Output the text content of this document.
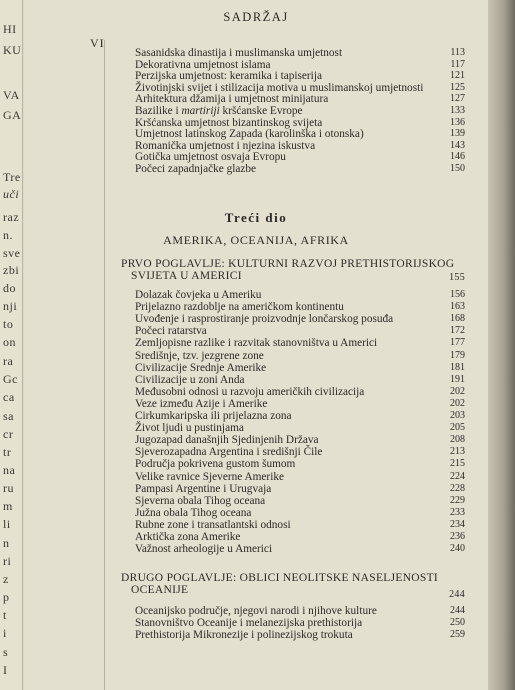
HI
KU
VA
GA
Tre
uči
raz
n.
sve
zbi
do
nji
to
on
ra
Gc
ca
sa
cr
tr
na
ru
m
li
n
ri
z
p
t
i
s
I
SADRŽAJ
VI
Treći dio
AMERIKA, OCEANIJA, AFRIKA
PRVO POGLAVLJE: KULTURNI RAZVOJ PRETHISTORIJSKOG
SVIJETA U AMERICI	155
DRUGO POGLAVLJE: OBLICI NEOLITSKE NASELJENOSTI
OCEANIJE	244
Sasanidska dinastija i muslimanska umjetnost	113
Dekorativna umjetnost islama	117
Perzijska umjetnost: keramika i tapiserija	121
Životinjski svijet i stilizacija motiva u muslimanskoj umjetnosti	125
Arhitektura džamija i umjetnost minijatura	127
Bazilike i martiriji kršćanske Evrope	133
Kršćanska umjetnost bizantinskog svijeta	136
Umjetnost latinskog Zapada (karolinška i otonska)	139
Romanička umjetnost i njezina iskustva	143
Gotička umjetnost osvaja Evropu	146
Počeci zapadnjačke glazbe	150
Dolazak čovjeka u Ameriku	156
Prijelazno razdoblje na američkom kontinentu	163
Uvođenje i rasprostiranje proizvodnje lončarskog posuđa	168
Počeci ratarstva	172
Zemljopisne razlike i razvitak stanovništva u Americi	177
Središnje, tzv. jezgrene zone	179
Civilizacije Srednje Amerike	181
Civilizacije u zoni Anda	191
Međusobni odnosi u razvoju američkih civilizacija	202
Veze između Azije i Amerike	202
Cirkumkaripska ili prijelazna zona	203
Život ljudi u pustinjama	205
Jugozapad današnjih Sjedinjenih Država	208
Sjeverozapadna Argentina i središnji Čile	213
Područja pokrivena gustom šumom	215
Velike ravnice Sjeverne Amerike	224
Pampasi Argentine i Urugvaja	228
Sjeverna obala Tihog oceana	229
Južna obala Tihog oceana	233
Rubne zone i transatlantski odnosi	234
Arktička zona Amerike	236
Važnost arheologije u Americi	240
Oceanijsko područje, njegovi narodi i njihove kulture	244
Stanovništvo Oceanije i melanezijska prethistorija	250
Prethistorija Mikronezije i polinezijskog trokuta	259
